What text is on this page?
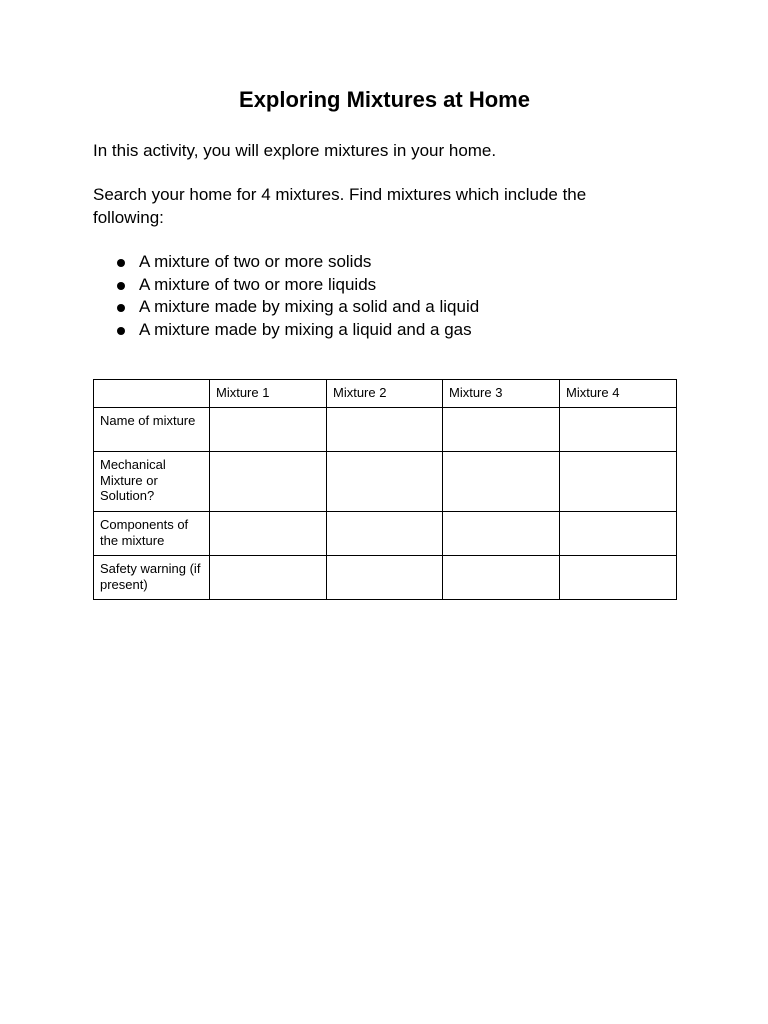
Exploring Mixtures at Home

In this activity, you will explore mixtures in your home.

Search your home for 4 mixtures. Find mixtures which include the following:

A mixture of two or more solids
A mixture of two or more liquids
A mixture made by mixing a solid and a liquid
A mixture made by mixing a liquid and a gas
	Mixture 1	Mixture 2	Mixture 3	Mixture 4
Name of mixture				
Mechanical Mixture or Solution?				
Components of the mixture				
Safety warning (if present)				
